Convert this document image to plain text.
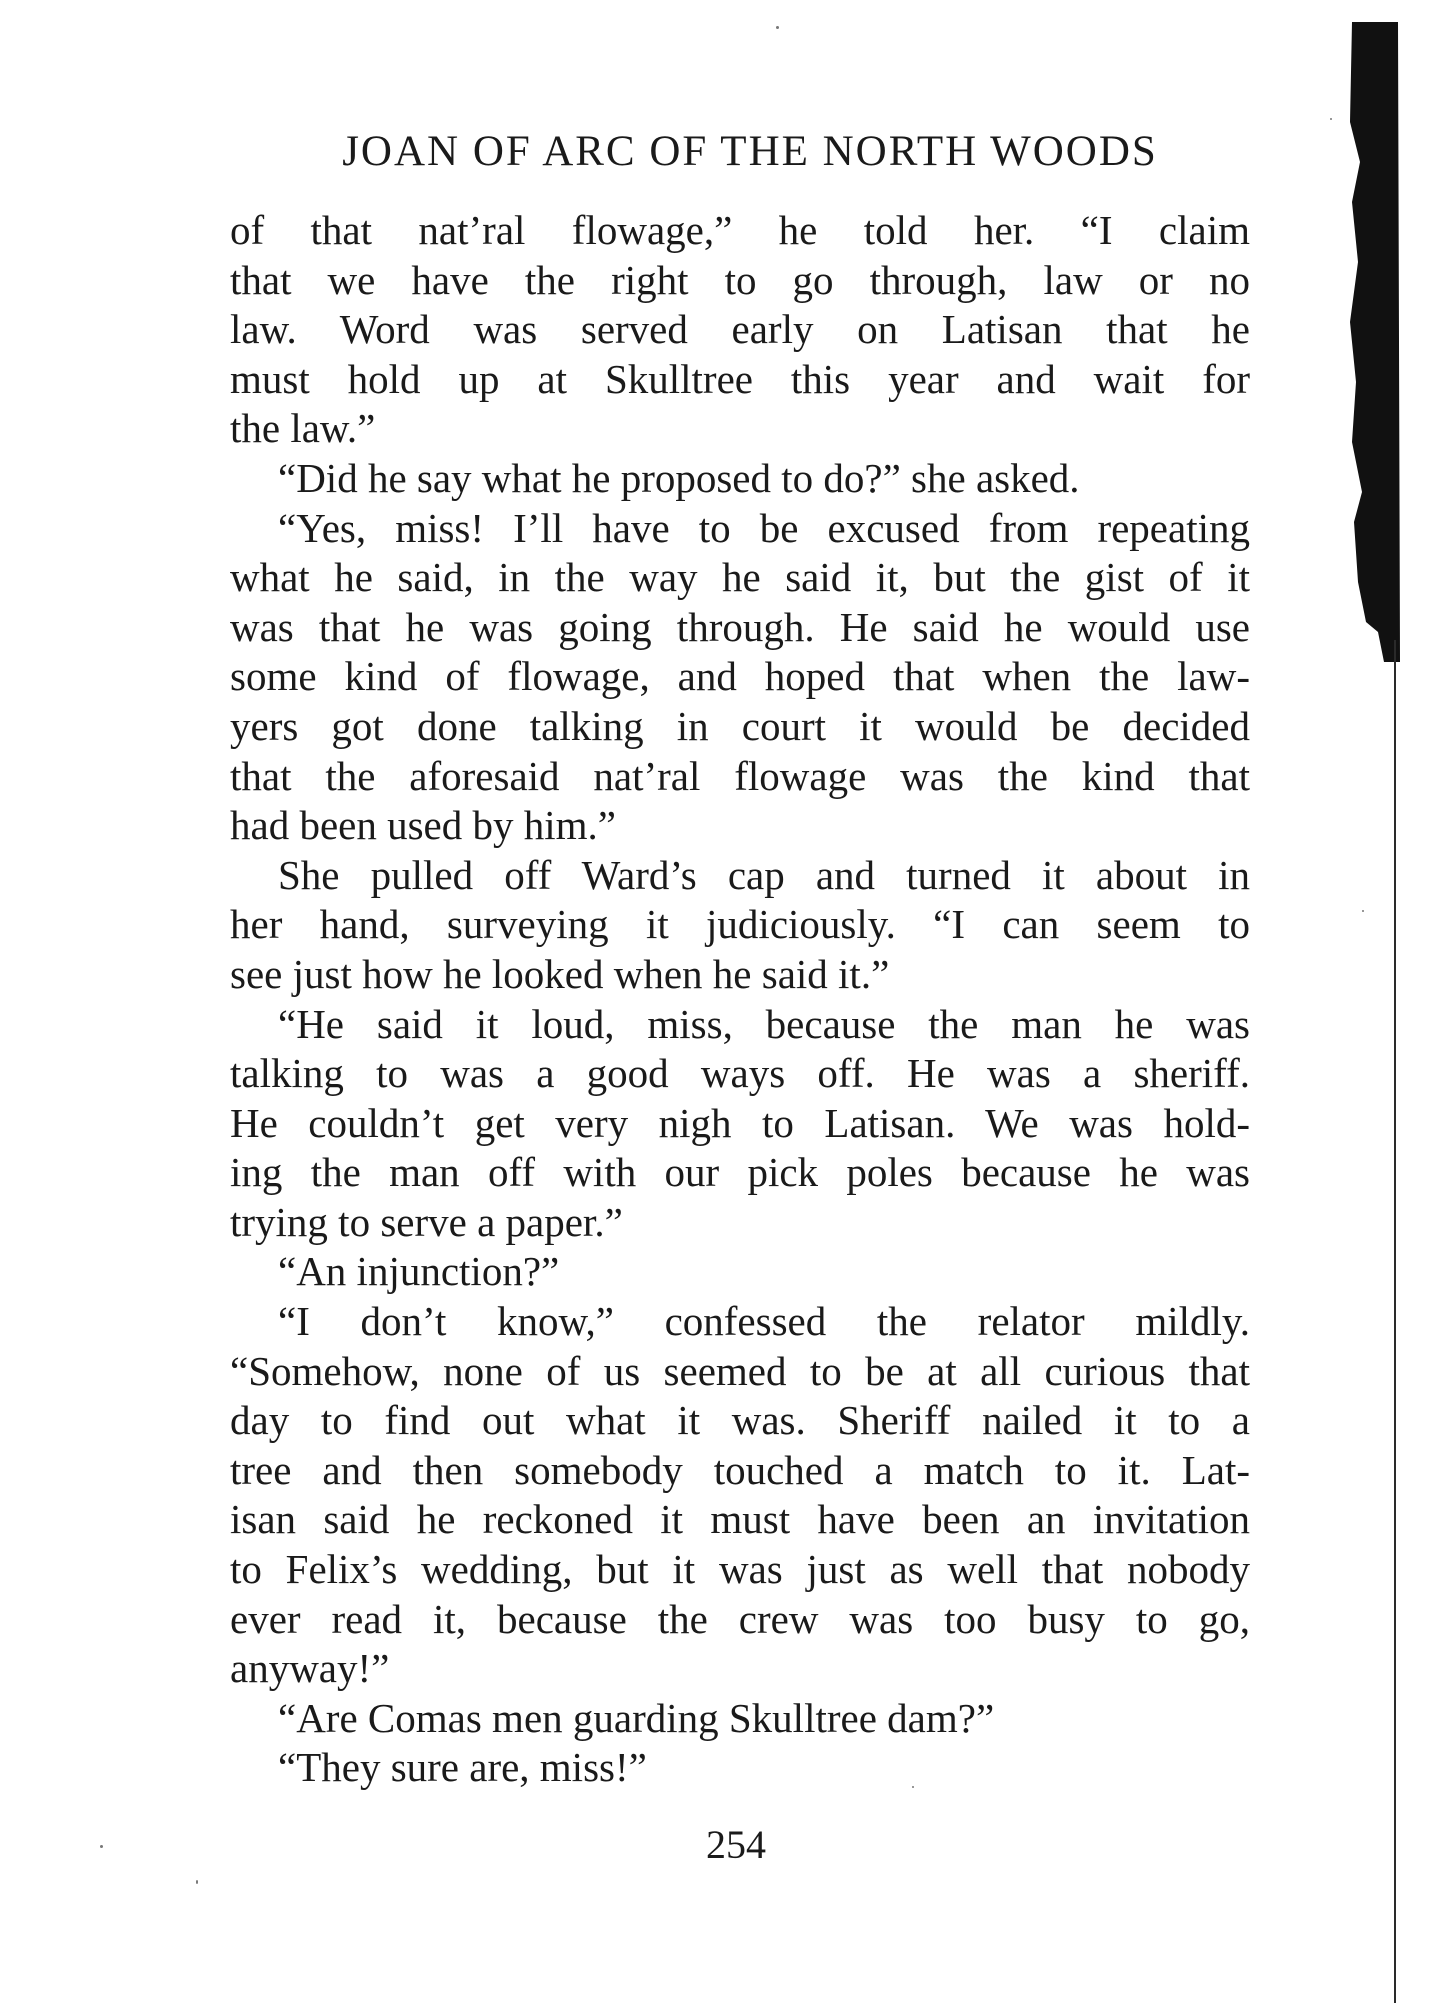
JOAN OF ARC OF THE NORTH WOODS
of that nat’ral flowage,” he told her. “I claim
that we have the right to go through, law or no
law. Word was served early on Latisan that he
must hold up at Skulltree this year and wait for
the law.”
“Did he say what he proposed to do?” she asked.
“Yes, miss! I’ll have to be excused from repeating
what he said, in the way he said it, but the gist of it
was that he was going through. He said he would use
some kind of flowage, and hoped that when the law-
yers got done talking in court it would be decided
that the aforesaid nat’ral flowage was the kind that
had been used by him.”
She pulled off Ward’s cap and turned it about in
her hand, surveying it judiciously. “I can seem to
see just how he looked when he said it.”
“He said it loud, miss, because the man he was
talking to was a good ways off. He was a sheriff.
He couldn’t get very nigh to Latisan. We was hold-
ing the man off with our pick poles because he was
trying to serve a paper.”
“An injunction?”
“I don’t know,” confessed the relator mildly.
“Somehow, none of us seemed to be at all curious that
day to find out what it was. Sheriff nailed it to a
tree and then somebody touched a match to it. Lat-
isan said he reckoned it must have been an invitation
to Felix’s wedding, but it was just as well that nobody
ever read it, because the crew was too busy to go,
anyway!”
“Are Comas men guarding Skulltree dam?”
“They sure are, miss!”
254
